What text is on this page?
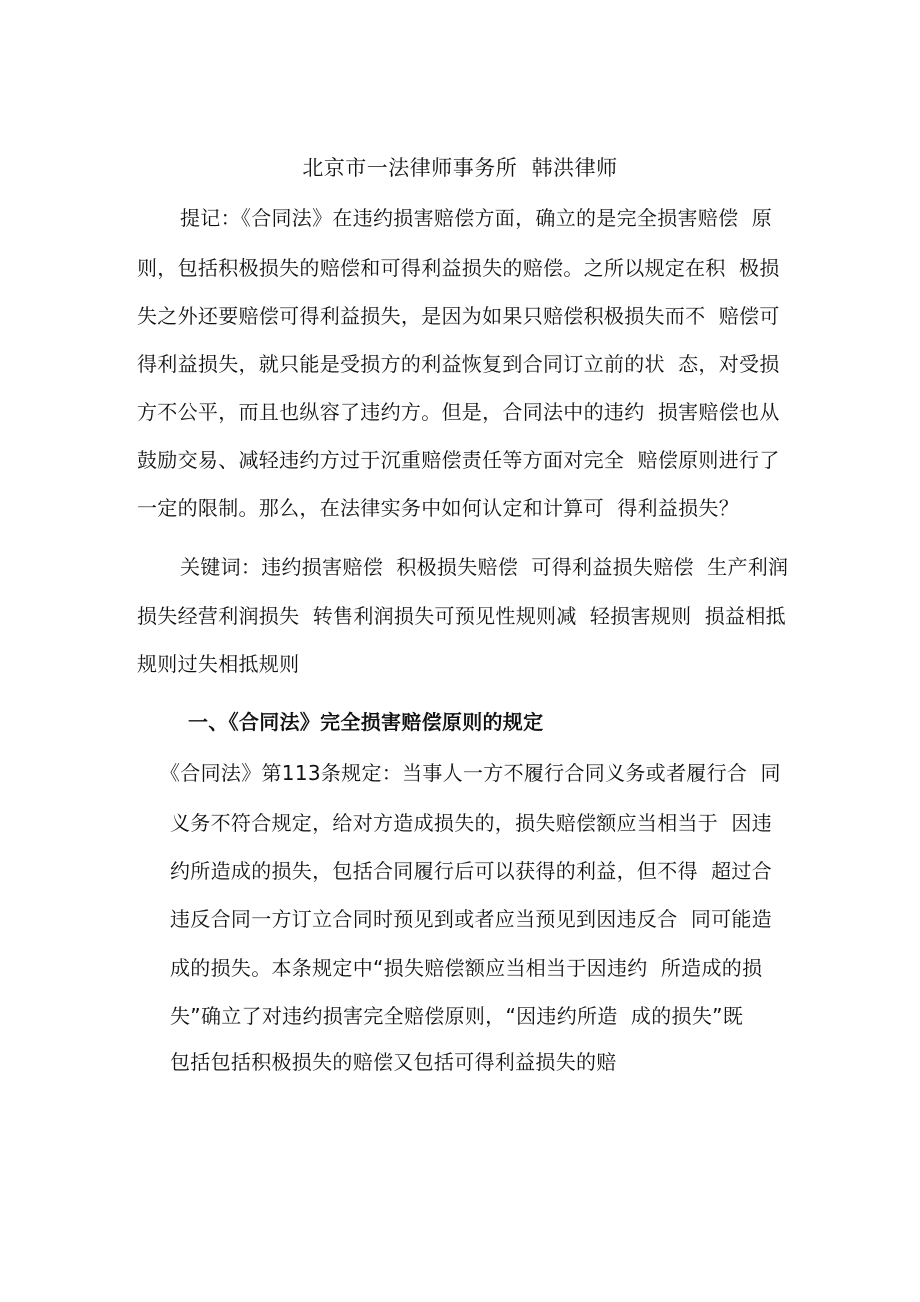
北京市一法律师事务所  韩洪律师
提记：《合同法》在违约损害赔偿方面，确立的是完全损害赔偿  原
则，包括积极损失的赔偿和可得利益损失的赔偿。之所以规定在积  极损
失之外还要赔偿可得利益损失，是因为如果只赔偿积极损失而不  赔偿可
得利益损失，就只能是受损方的利益恢复到合同订立前的状  态，对受损
方不公平，而且也纵容了违约方。但是，合同法中的违约  损害赔偿也从
鼓励交易、减轻违约方过于沉重赔偿责任等方面对完全  赔偿原则进行了
一定的限制。那么，在法律实务中如何认定和计算可  得利益损失？
关键词：违约损害赔偿  积极损失赔偿  可得利益损失赔偿  生产利润
损失经营利润损失  转售利润损失可预见性规则减  轻损害规则  损益相抵
规则过失相抵规则
一、《合同法》完全损害赔偿原则的规定
《合同法》第113条规定：当事人一方不履行合同义务或者履行合  同
义务不符合规定，给对方造成损失的，损失赔偿额应当相当于  因违
约所造成的损失，包括合同履行后可以获得的利益，但不得  超过合
违反合同一方订立合同时预见到或者应当预见到因违反合  同可能造
成的损失。本条规定中“损失赔偿额应当相当于因违约  所造成的损
失”确立了对违约损害完全赔偿原则，“因违约所造  成的损失”既
包括包括积极损失的赔偿又包括可得利益损失的赔
